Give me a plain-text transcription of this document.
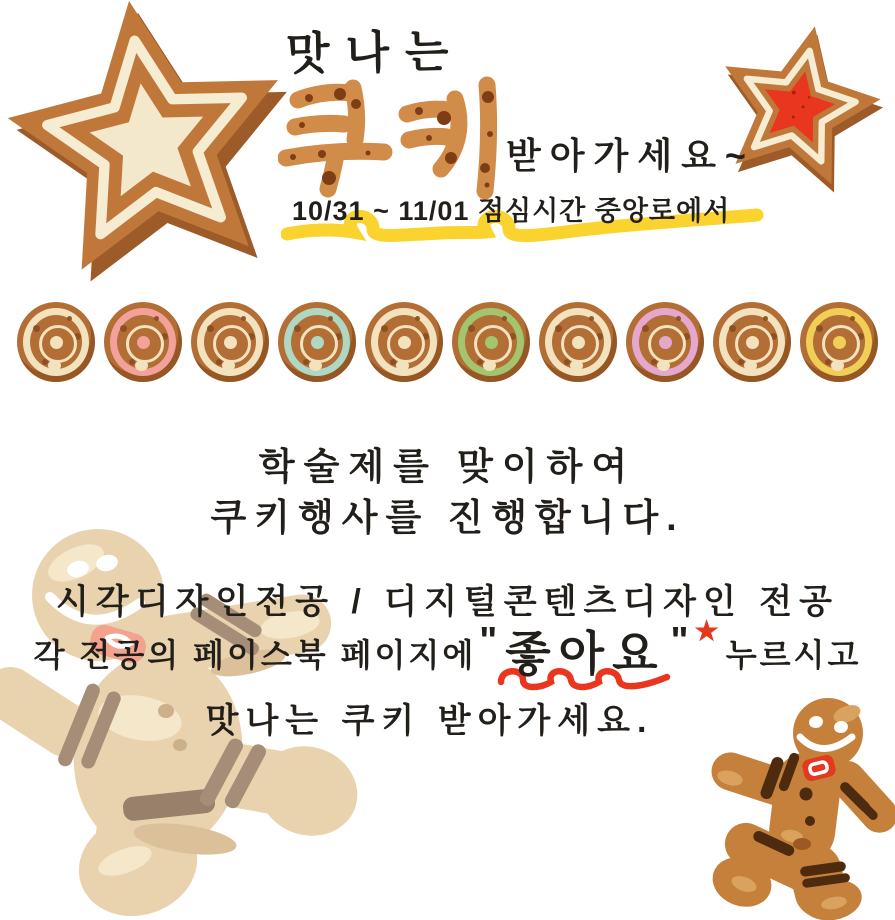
맛나는
받아가세요~
10/31 ~ 11/01 점심시간 중앙로에서
학술제를 맞이하여
쿠키행사를 진행합니다.
시각디자인전공 / 디지털콘텐츠디자인 전공
각 전공의 페이스북 페이지에 " 좋아요 " ★
누르시고
맛나는 쿠키 받아가세요.
